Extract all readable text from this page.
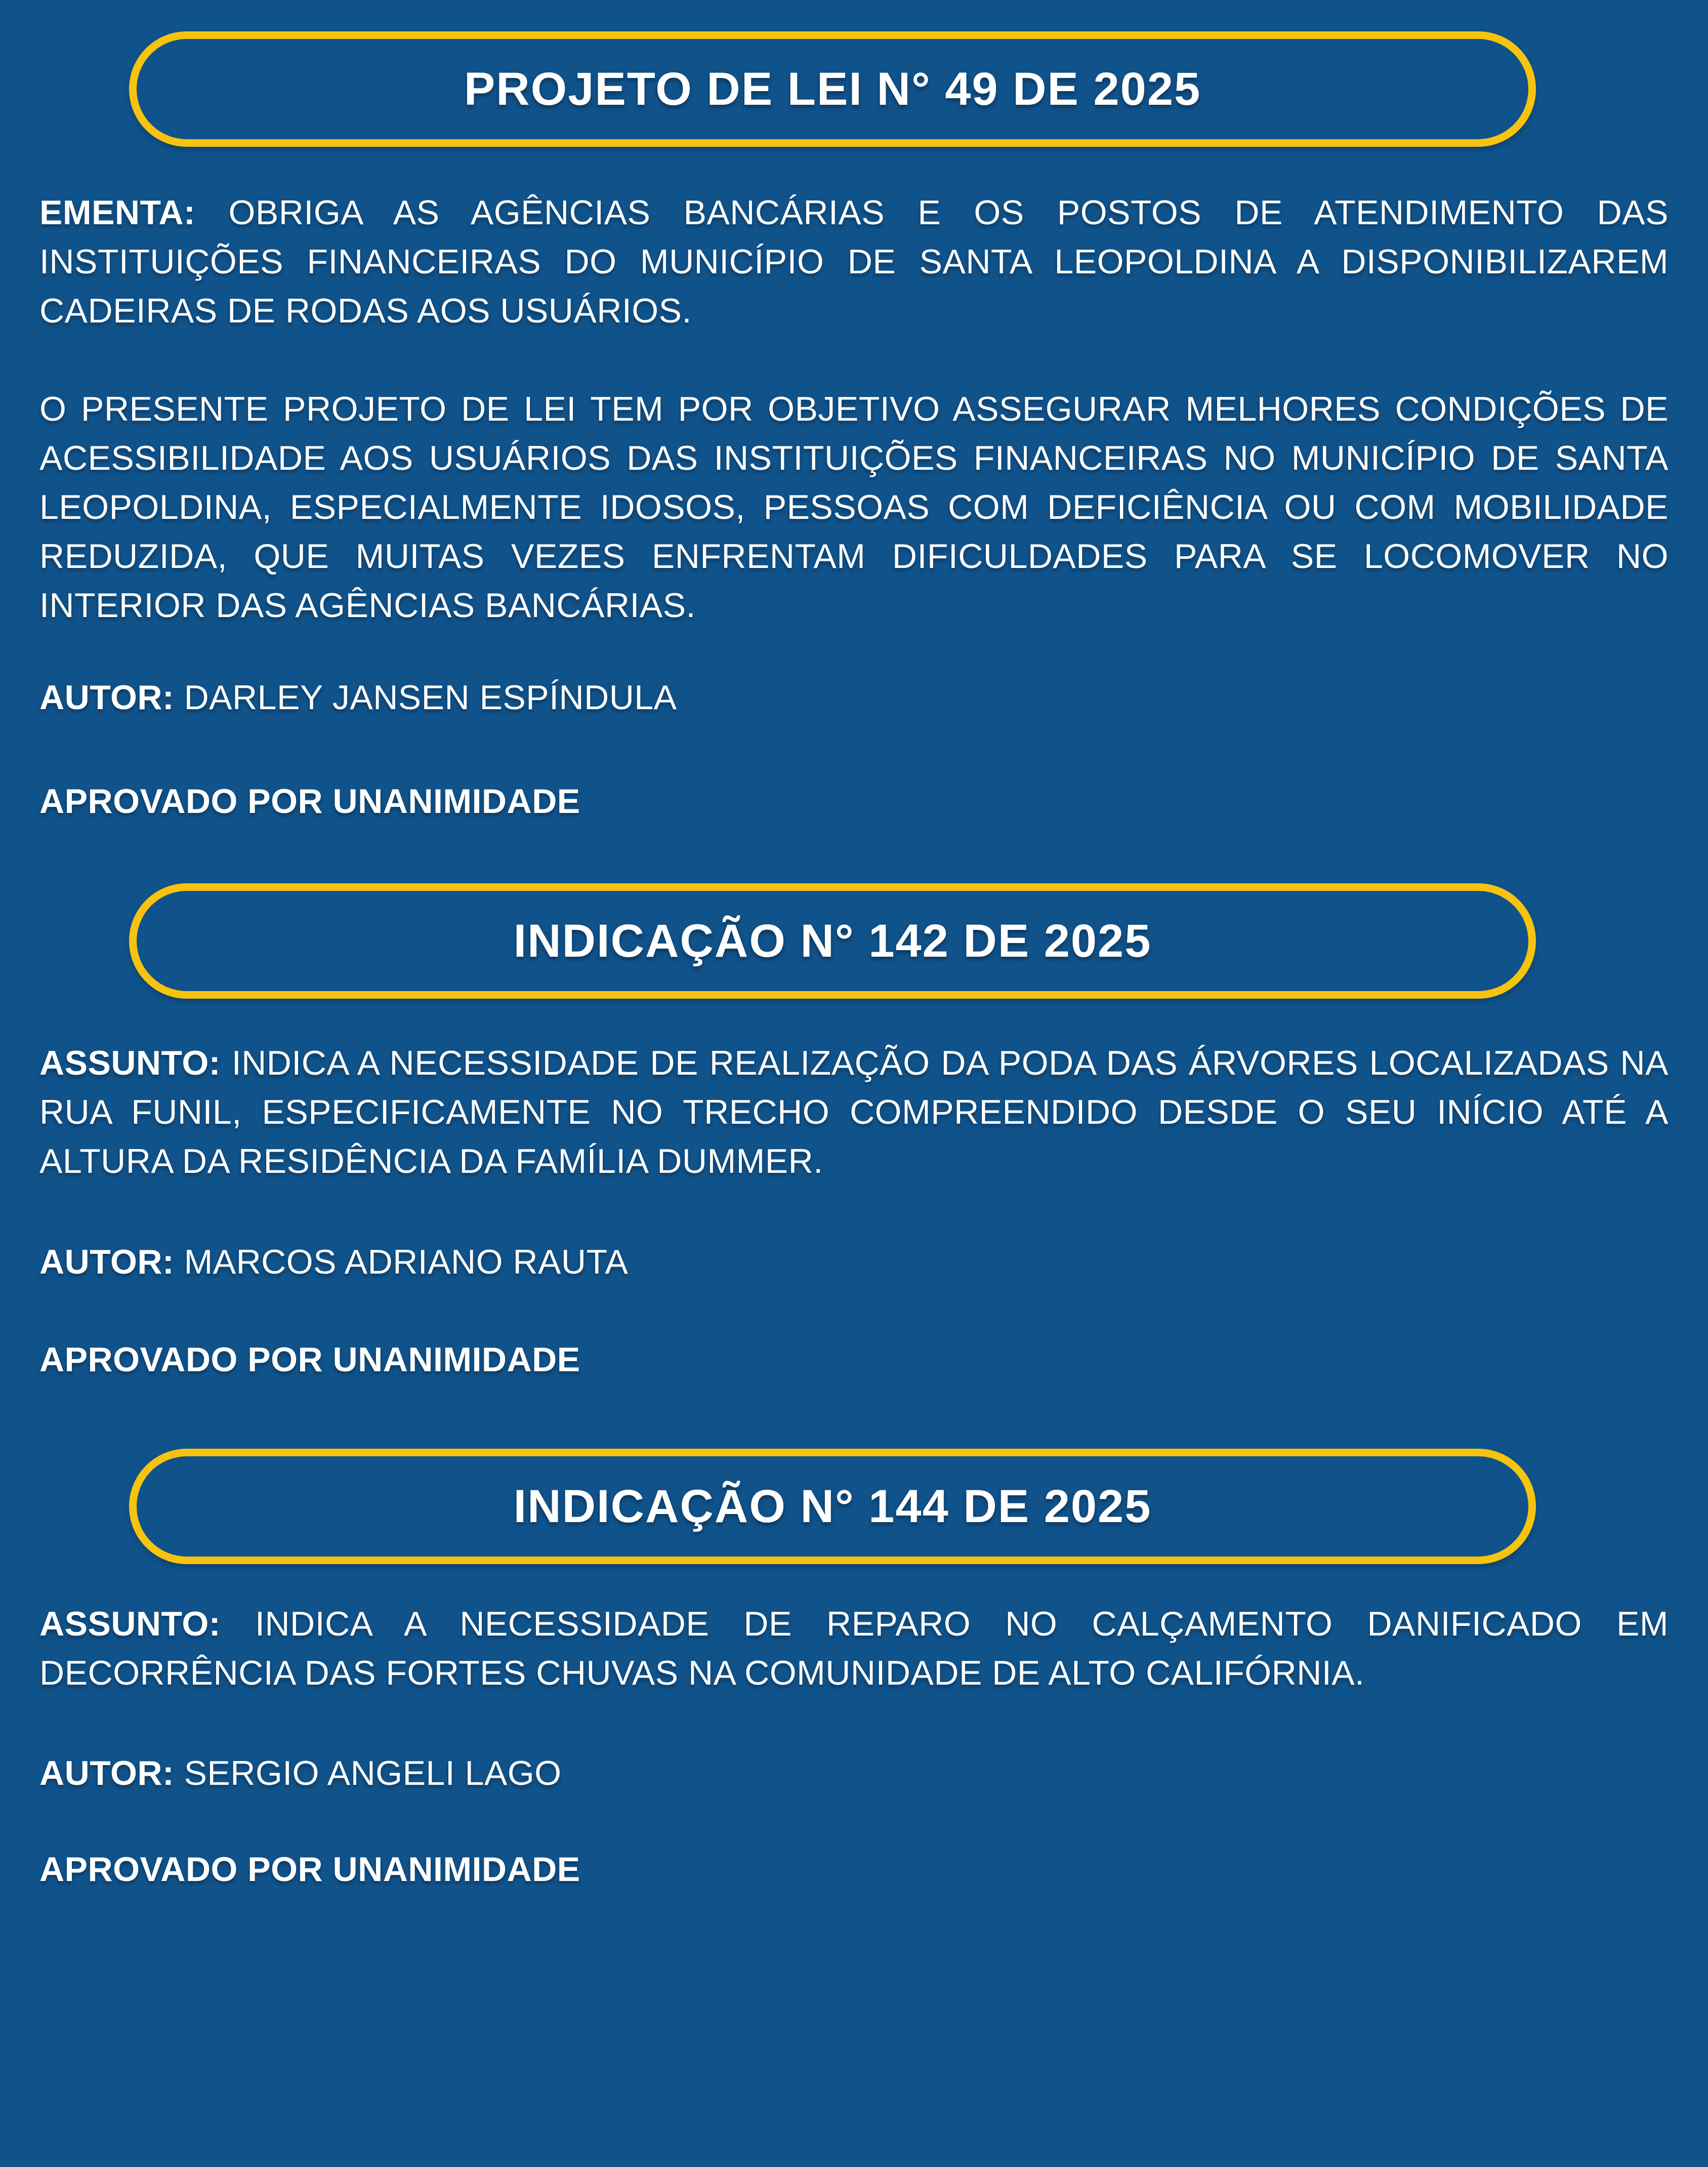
PROJETO DE LEI N° 49 DE 2025

EMENTA: OBRIGA AS AGÊNCIAS BANCÁRIAS E OS POSTOS DE ATENDIMENTO DAS INSTITUIÇÕES FINANCEIRAS DO MUNICÍPIO DE SANTA LEOPOLDINA A DISPONIBILIZAREM CADEIRAS DE RODAS AOS USUÁRIOS.

O PRESENTE PROJETO DE LEI TEM POR OBJETIVO ASSEGURAR MELHORES CONDIÇÕES DE ACESSIBILIDADE AOS USUÁRIOS DAS INSTITUIÇÕES FINANCEIRAS NO MUNICÍPIO DE SANTA LEOPOLDINA, ESPECIALMENTE IDOSOS, PESSOAS COM DEFICIÊNCIA OU COM MOBILIDADE REDUZIDA, QUE MUITAS VEZES ENFRENTAM DIFICULDADES PARA SE LOCOMOVER NO INTERIOR DAS AGÊNCIAS BANCÁRIAS.

AUTOR: DARLEY JANSEN ESPÍNDULA

APROVADO POR UNANIMIDADE

INDICAÇÃO N° 142 DE 2025

ASSUNTO: INDICA A NECESSIDADE DE REALIZAÇÃO DA PODA DAS ÁRVORES LOCALIZADAS NA RUA FUNIL, ESPECIFICAMENTE NO TRECHO COMPREENDIDO DESDE O SEU INÍCIO ATÉ A ALTURA DA RESIDÊNCIA DA FAMÍLIA DUMMER.

AUTOR: MARCOS ADRIANO RAUTA

APROVADO POR UNANIMIDADE

INDICAÇÃO N° 144 DE 2025

ASSUNTO: INDICA A NECESSIDADE DE REPARO NO CALÇAMENTO DANIFICADO EM DECORRÊNCIA DAS FORTES CHUVAS NA COMUNIDADE DE ALTO CALIFÓRNIA.

AUTOR: SERGIO ANGELI LAGO

APROVADO POR UNANIMIDADE
